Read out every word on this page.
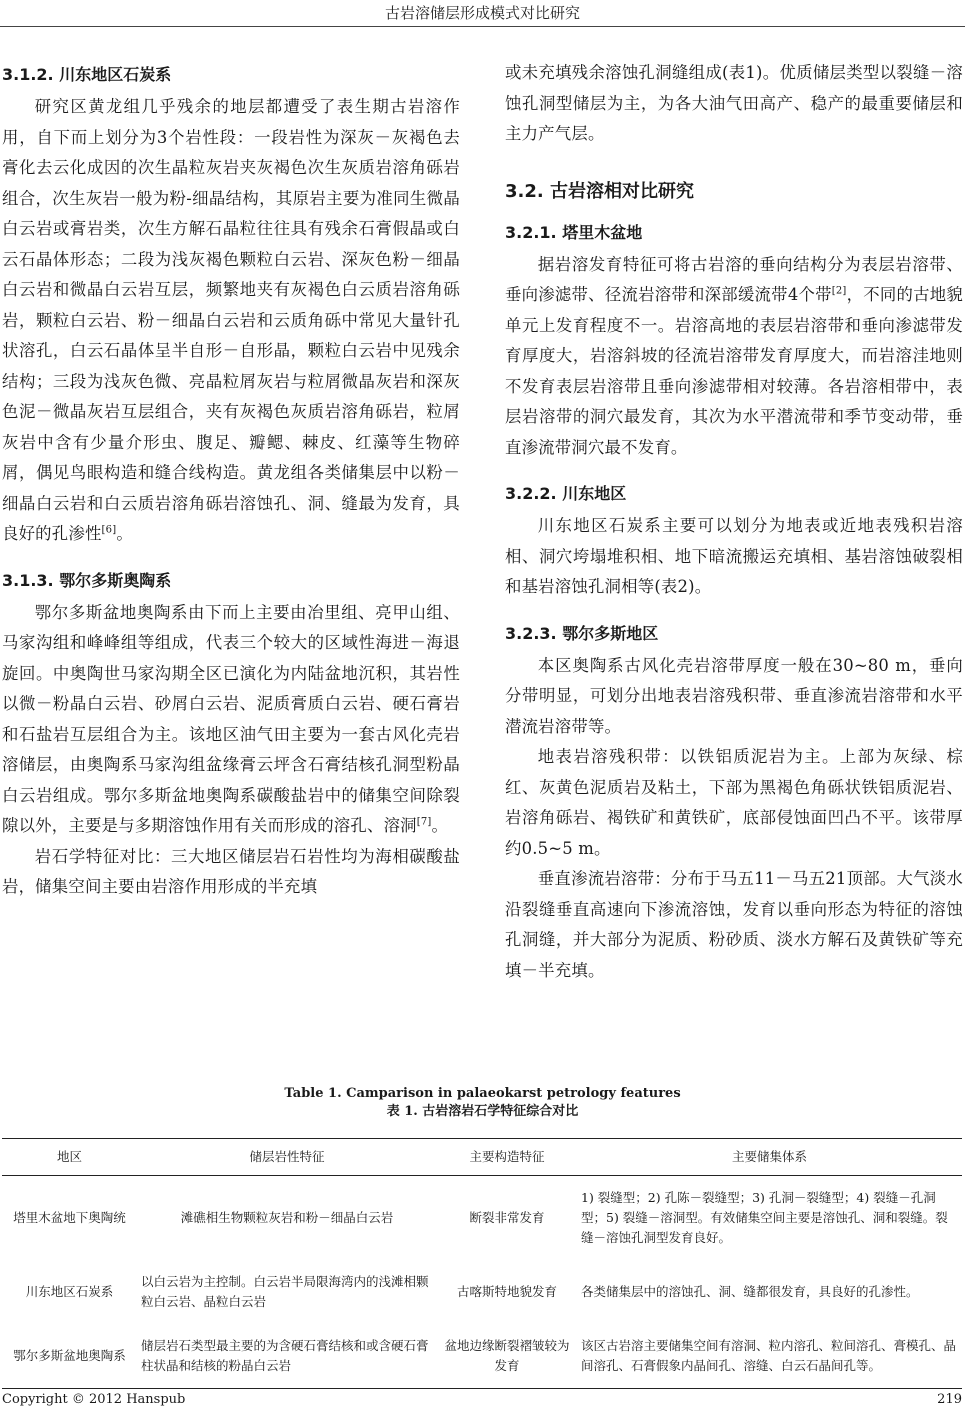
古岩溶储层形成模式对比研究
3.1.2. 川东地区石炭系

研究区黄龙组几乎残余的地层都遭受了表生期古岩溶作用，自下而上划分为3个岩性段：一段岩性为深灰－灰褐色去膏化去云化成因的次生晶粒灰岩夹灰褐色次生灰质岩溶角砾岩组合，次生灰岩一般为粉-细晶结构，其原岩主要为准同生微晶白云岩或膏岩类，次生方解石晶粒往往具有残余石膏假晶或白云石晶体形态；二段为浅灰褐色颗粒白云岩、深灰色粉－细晶白云岩和微晶白云岩互层，频繁地夹有灰褐色白云质岩溶角砾岩，颗粒白云岩、粉－细晶白云岩和云质角砾中常见大量针孔状溶孔，白云石晶体呈半自形－自形晶，颗粒白云岩中见残余结构；三段为浅灰色微、亮晶粒屑灰岩与粒屑微晶灰岩和深灰色泥－微晶灰岩互层组合，夹有灰褐色灰质岩溶角砾岩，粒屑灰岩中含有少量介形虫、腹足、瓣鳃、棘皮、红藻等生物碎屑，偶见鸟眼构造和缝合线构造。黄龙组各类储集层中以粉－细晶白云岩和白云质岩溶角砾岩溶蚀孔、洞、缝最为发育，具良好的孔渗性[6]。

3.1.3. 鄂尔多斯奥陶系

鄂尔多斯盆地奥陶系由下而上主要由冶里组、亮甲山组、马家沟组和峰峰组等组成，代表三个较大的区域性海进－海退旋回。中奥陶世马家沟期全区已演化为内陆盆地沉积，其岩性以微－粉晶白云岩、砂屑白云岩、泥质膏质白云岩、硬石膏岩和石盐岩互层组合为主。该地区油气田主要为一套古风化壳岩溶储层，由奥陶系马家沟组盆缘膏云坪含石膏结核孔洞型粉晶白云岩组成。鄂尔多斯盆地奥陶系碳酸盐岩中的储集空间除裂隙以外，主要是与多期溶蚀作用有关而形成的溶孔、溶洞[7]。

岩石学特征对比：三大地区储层岩石岩性均为海相碳酸盐岩，储集空间主要由岩溶作用形成的半充填

或未充填残余溶蚀孔洞缝组成(表1)。优质储层类型以裂缝－溶蚀孔洞型储层为主，为各大油气田高产、稳产的最重要储层和主力产气层。

3.2. 古岩溶相对比研究
3.2.1. 塔里木盆地

据岩溶发育特征可将古岩溶的垂向结构分为表层岩溶带、垂向渗滤带、径流岩溶带和深部缓流带4个带[2]，不同的古地貌单元上发育程度不一。岩溶高地的表层岩溶带和垂向渗滤带发育厚度大，岩溶斜坡的径流岩溶带发育厚度大，而岩溶洼地则不发育表层岩溶带且垂向渗滤带相对较薄。各岩溶相带中，表层岩溶带的洞穴最发育，其次为水平潜流带和季节变动带，垂直渗流带洞穴最不发育。

3.2.2. 川东地区

川东地区石炭系主要可以划分为地表或近地表残积岩溶相、洞穴垮塌堆积相、地下暗流搬运充填相、基岩溶蚀破裂相和基岩溶蚀孔洞相等(表2)。

3.2.3. 鄂尔多斯地区

本区奥陶系古风化壳岩溶带厚度一般在30~80 m，垂向分带明显，可划分出地表岩溶残积带、垂直渗流岩溶带和水平潜流岩溶带等。

地表岩溶残积带：以铁铝质泥岩为主。上部为灰绿、棕红、灰黄色泥质岩及粘土，下部为黑褐色角砾状铁铝质泥岩、岩溶角砾岩、褐铁矿和黄铁矿，底部侵蚀面凹凸不平。该带厚约0.5~5 m。

垂直渗流岩溶带：分布于马五11－马五21顶部。大气淡水沿裂缝垂直高速向下渗流溶蚀，发育以垂向形态为特征的溶蚀孔洞缝，并大部分为泥质、粉砂质、淡水方解石及黄铁矿等充填－半充填。

Table 1. Camparison in palaeokarst petrology features
表 1. 古岩溶岩石学特征综合对比
地区	储层岩性特征	主要构造特征	主要储集体系
塔里木盆地下奥陶统	滩礁相生物颗粒灰岩和粉－细晶白云岩	断裂非常发育	1) 裂缝型；2) 孔陈－裂缝型；3) 孔洞－裂缝型；4) 裂缝－孔洞型；5) 裂缝－溶洞型。有效储集空间主要是溶蚀孔、洞和裂缝。裂缝－溶蚀孔洞型发育良好。
川东地区石炭系	以白云岩为主控制。白云岩半局限海湾内的浅滩相颗粒白云岩、晶粒白云岩	古喀斯特地貌发育	各类储集层中的溶蚀孔、洞、缝都很发育，具良好的孔渗性。
鄂尔多斯盆地奥陶系	储层岩石类型最主要的为含硬石膏结核和或含硬石膏柱状晶和结核的粉晶白云岩	盆地边缘断裂褶皱较为发育	该区古岩溶主要储集空间有溶洞、粒内溶孔、粒间溶孔、膏模孔、晶间溶孔、石膏假象内晶间孔、溶缝、白云石晶间孔等。
Copyright © 2012 Hanspub	219
